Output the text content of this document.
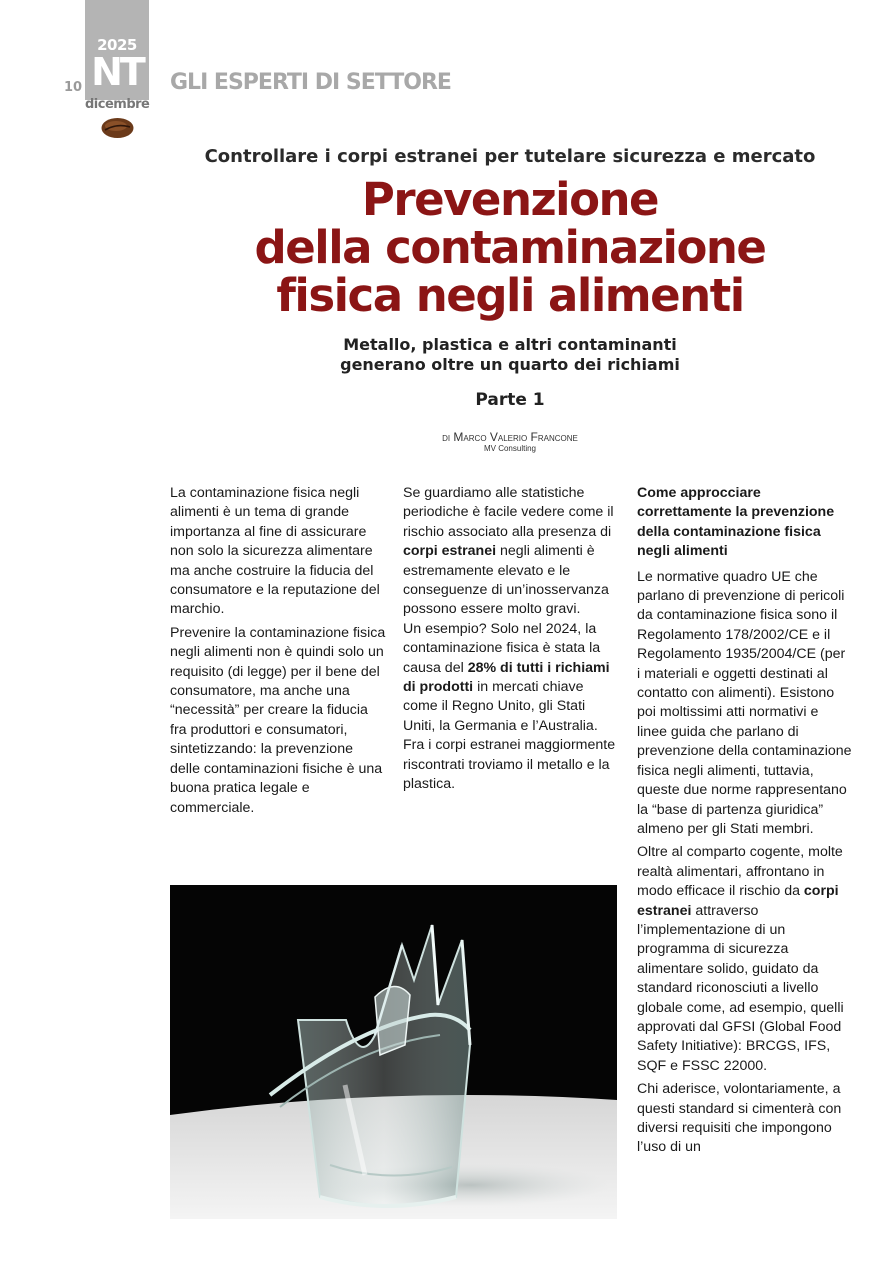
2025
NT
dicembre
10	GLI ESPERTI DI SETTORE
Controllare i corpi estranei per tutelare sicurezza e mercato
Prevenzione
della contaminazione
fisica negli alimenti
Metallo, plastica e altri contaminanti
generano oltre un quarto dei richiami
Parte 1
di Marco Valerio Francone
MV Consulting

La contaminazione fisica negli alimenti è un tema di grande importanza al fine di assicurare non solo la sicurezza alimentare ma anche costruire la fiducia del consumatore e la reputazione del marchio.

Prevenire la contaminazione fisica negli alimenti non è quindi solo un requisito (di legge) per il bene del consumatore, ma anche una “necessità” per creare la fiducia fra produttori e consumatori, sintetizzando: la prevenzione delle contaminazioni fisiche è una buona pratica legale e commerciale.

Se guardiamo alle statistiche periodiche è facile vedere come il rischio associato alla presenza di corpi estranei negli alimenti è estremamente elevato e le conseguenze di un’inosservanza possono essere molto gravi.
Un esempio? Solo nel 2024, la contaminazione fisica è stata la causa del 28% di tutti i richiami di prodotti in mercati chiave come il Regno Unito, gli Stati Uniti, la Germania e l’Australia. Fra i corpi estranei maggiormente riscontrati troviamo il metallo e la plastica.
Come approcciare correttamente la prevenzione della contaminazione fisica negli alimenti

Le normative quadro UE che parlano di prevenzione di pericoli da contaminazione fisica sono il Regolamento 178/2002/CE e il Regolamento 1935/2004/CE (per i materiali e oggetti destinati al contatto con alimenti). Esistono poi moltissimi atti normativi e linee guida che parlano di prevenzione della contaminazione fisica negli alimenti, tuttavia, queste due norme rappresentano la “base di partenza giuridica” almeno per gli Stati membri.

Oltre al comparto cogente, molte realtà alimentari, affrontano in modo efficace il rischio da corpi estranei attraverso l’implementazione di un programma di sicurezza alimentare solido, guidato da standard riconosciuti a livello globale come, ad esempio, quelli approvati dal GFSI (Global Food Safety Initiative): BRCGS, IFS, SQF e FSSC 22000.

Chi aderisce, volontariamente, a questi standard si cimenterà con diversi requisiti che impongono l’uso di un
